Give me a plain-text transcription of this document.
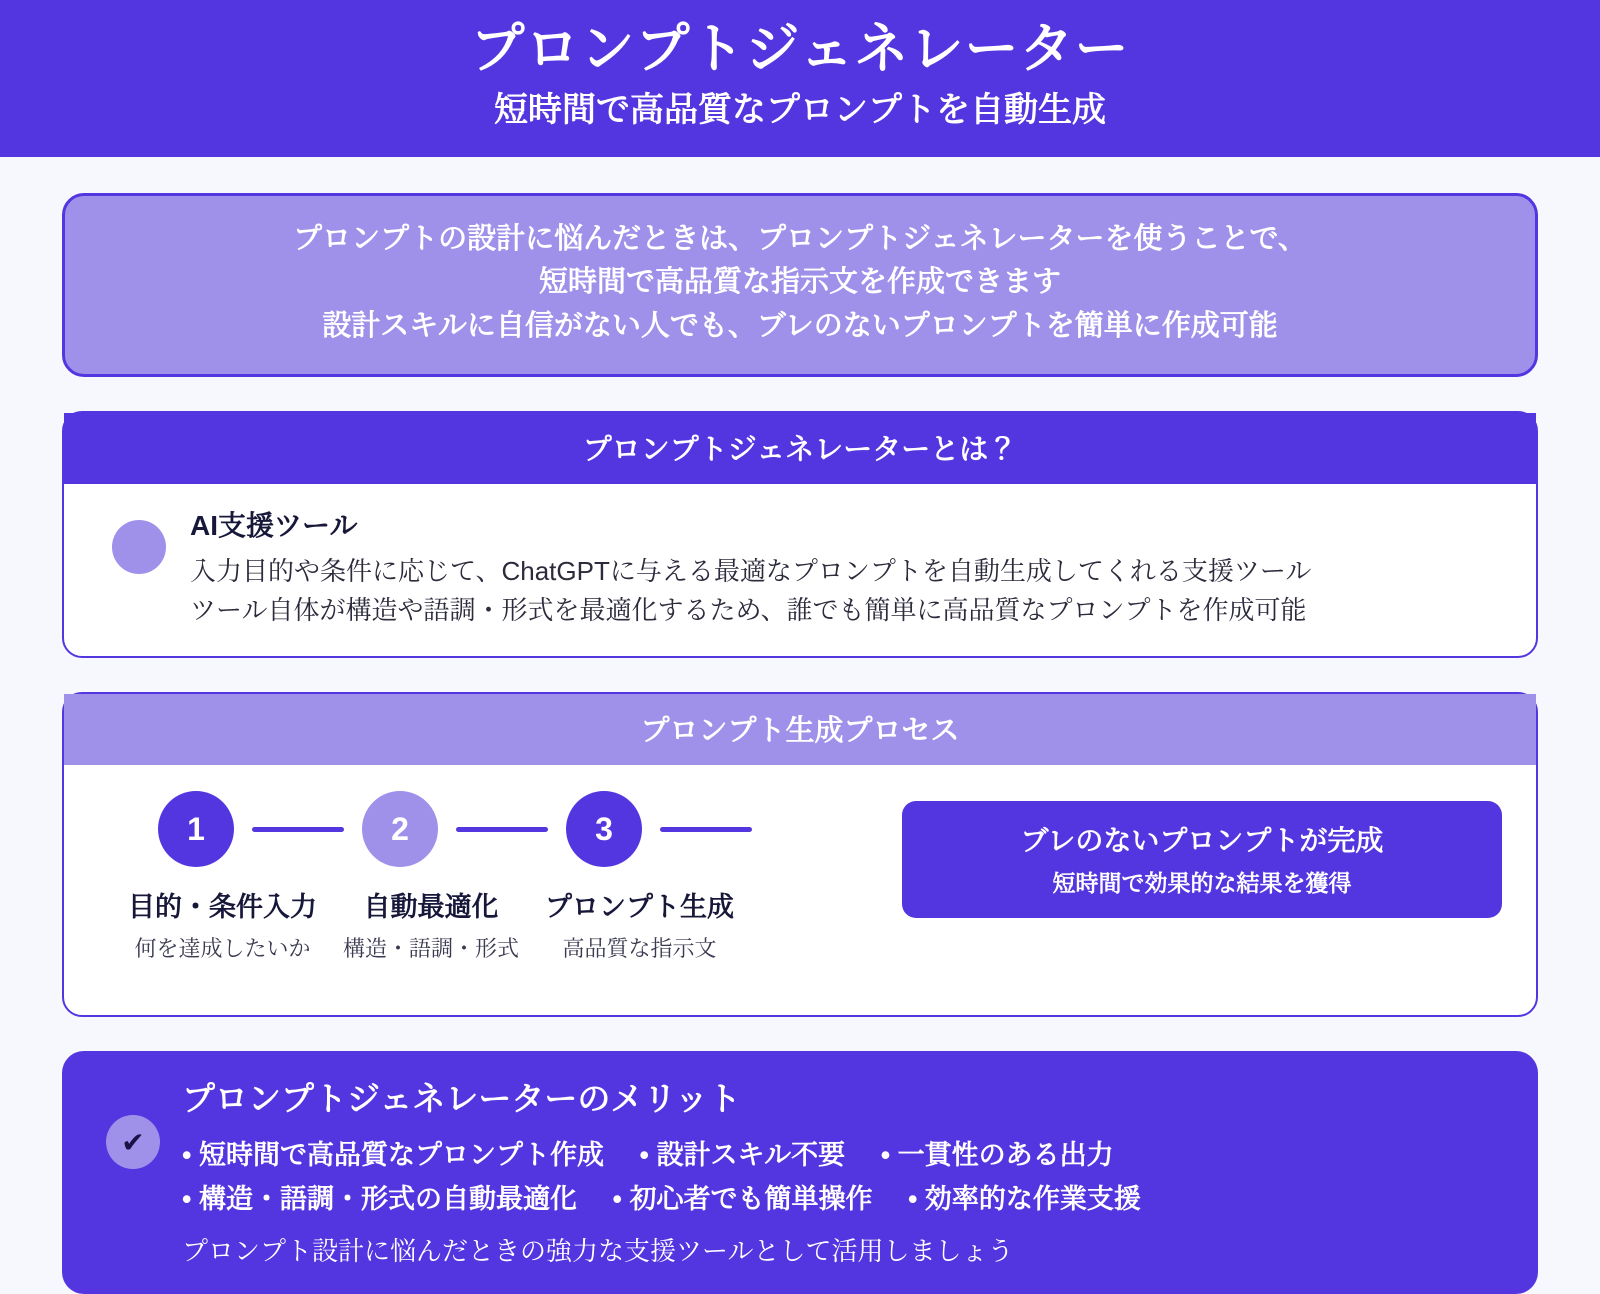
プロンプトジェネレーター
短時間で高品質なプロンプトを自動生成

プロンプトの設計に悩んだときは、プロンプトジェネレーターを使うことで、

短時間で高品質な指示文を作成できます

設計スキルに自信がない人でも、ブレのないプロンプトを簡単に作成可能

プロンプトジェネレーターとは？
AI支援ツール

入力目的や条件に応じて、ChatGPTに与える最適なプロンプトを自動生成してくれる支援ツール

ツール自体が構造や語調・形式を最適化するため、誰でも簡単に高品質なプロンプトを作成可能

プロンプト生成プロセス
1	2	3
目的・条件入力
何を達成したいか
自動最適化
構造・語調・形式
プロンプト生成
高品質な指示文
ブレのないプロンプトが完成
短時間で効果的な結果を獲得
✔
プロンプトジェネレーターのメリット
• 短時間で高品質なプロンプト作成 • 設計スキル不要 • 一貫性のある出力
• 構造・語調・形式の自動最適化 • 初心者でも簡単操作 • 効率的な作業支援
プロンプト設計に悩んだときの強力な支援ツールとして活用しましょう
